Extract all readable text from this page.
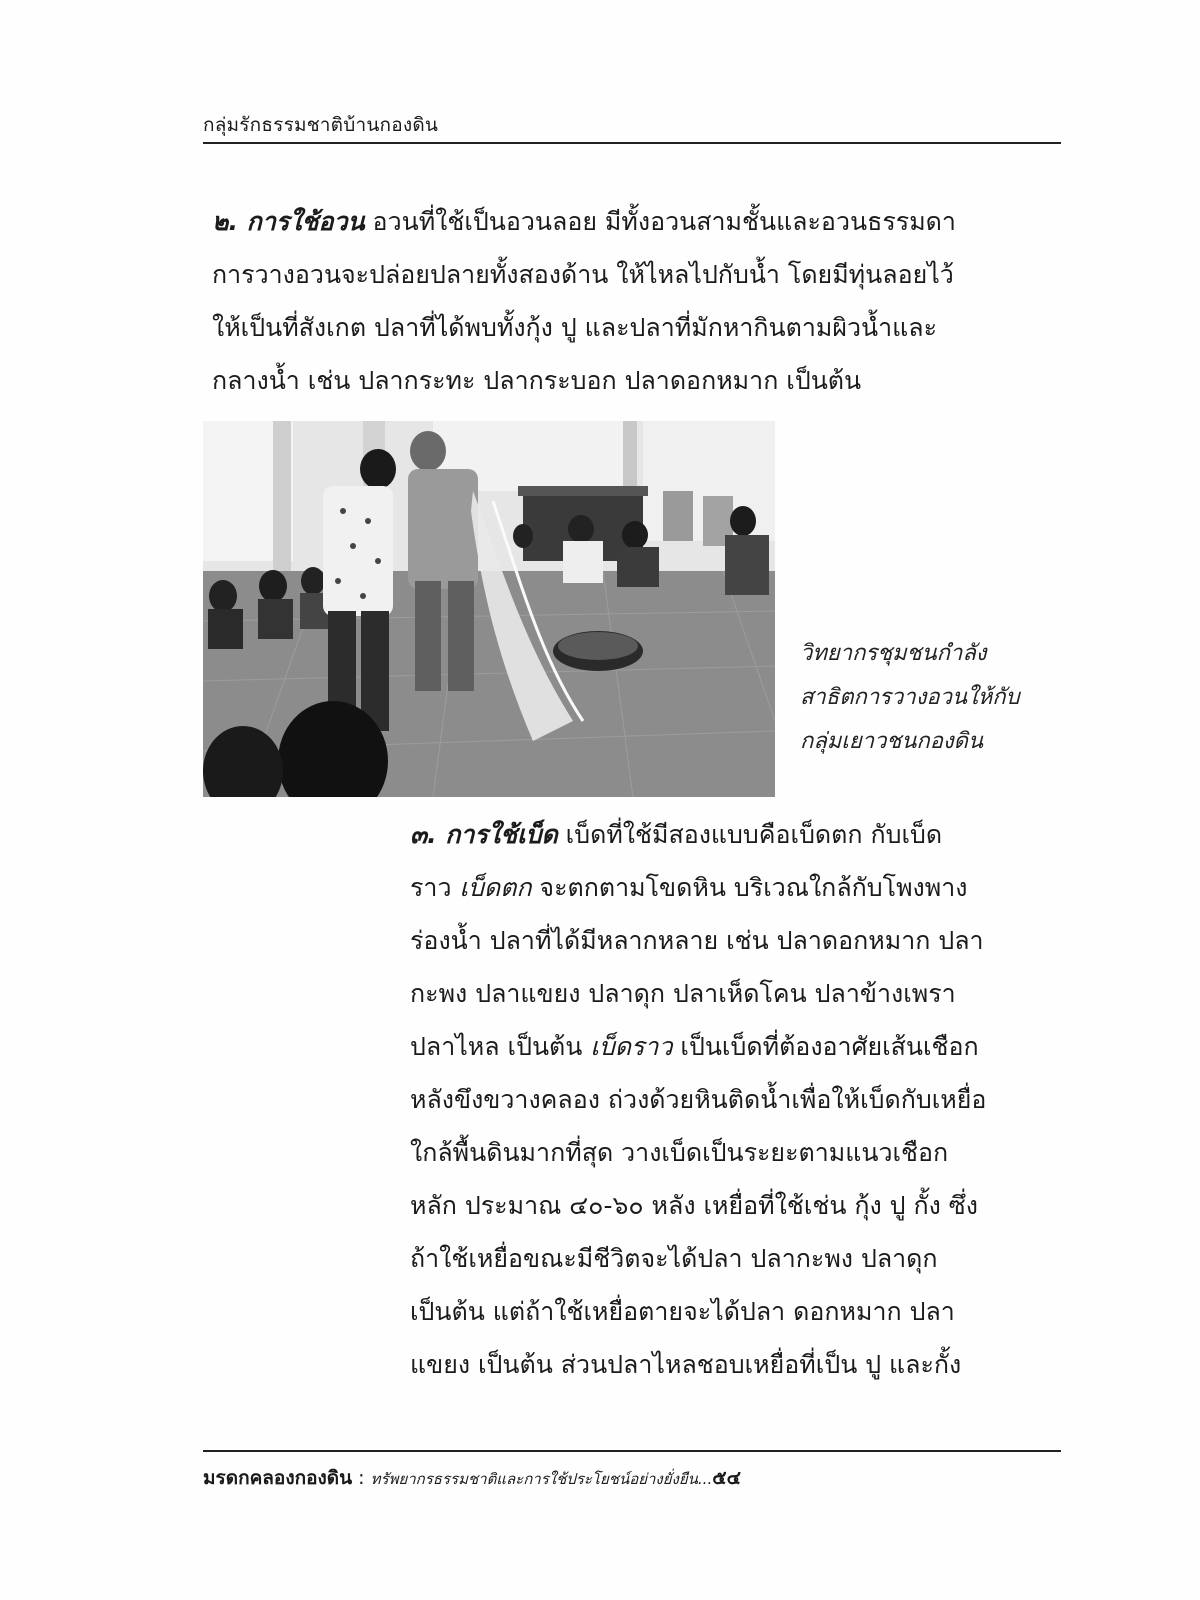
กลุ่มรักธรรมชาติบ้านกองดิน
๒. การใช้อวน อวนที่ใช้เป็นอวนลอย มีทั้งอวนสามชั้นและอวนธรรมดา
การวางอวนจะปล่อยปลายทั้งสองด้าน ให้ไหลไปกับน้ำ โดยมีทุ่นลอยไว้
ให้เป็นที่สังเกต ปลาที่ได้พบทั้งกุ้ง ปู และปลาที่มักหากินตามผิวน้ำและ
กลางน้ำ เช่น ปลากระทะ ปลากระบอก ปลาดอกหมาก เป็นต้น
วิทยากรชุมชนกำลัง
สาธิตการวางอวนให้กับ
กลุ่มเยาวชนกองดิน
๓. การใช้เบ็ด เบ็ดที่ใช้มีสองแบบคือเบ็ดตก กับเบ็ด
ราว เบ็ดตก จะตกตามโขดหิน บริเวณใกล้กับโพงพาง
ร่องน้ำ ปลาที่ได้มีหลากหลาย เช่น ปลาดอกหมาก ปลา
กะพง ปลาแขยง ปลาดุก ปลาเห็ดโคน ปลาข้างเพรา
ปลาไหล เป็นต้น เบ็ดราว เป็นเบ็ดที่ต้องอาศัยเส้นเชือก
หลังขึงขวางคลอง ถ่วงด้วยหินติดน้ำเพื่อให้เบ็ดกับเหยื่อ
ใกล้พื้นดินมากที่สุด วางเบ็ดเป็นระยะตามแนวเชือก
หลัก ประมาณ ๔๐-๖๐ หลัง เหยื่อที่ใช้เช่น กุ้ง ปู กั้ง ซึ่ง
ถ้าใช้เหยื่อขณะมีชีวิตจะได้ปลา ปลากะพง ปลาดุก
เป็นต้น แต่ถ้าใช้เหยื่อตายจะได้ปลา ดอกหมาก ปลา
แขยง เป็นต้น ส่วนปลาไหลชอบเหยื่อที่เป็น ปู และกั้ง
มรดกคลองกองดิน : ทรัพยากรธรรมชาติและการใช้ประโยชน์อย่างยั่งยืน...๕๔
